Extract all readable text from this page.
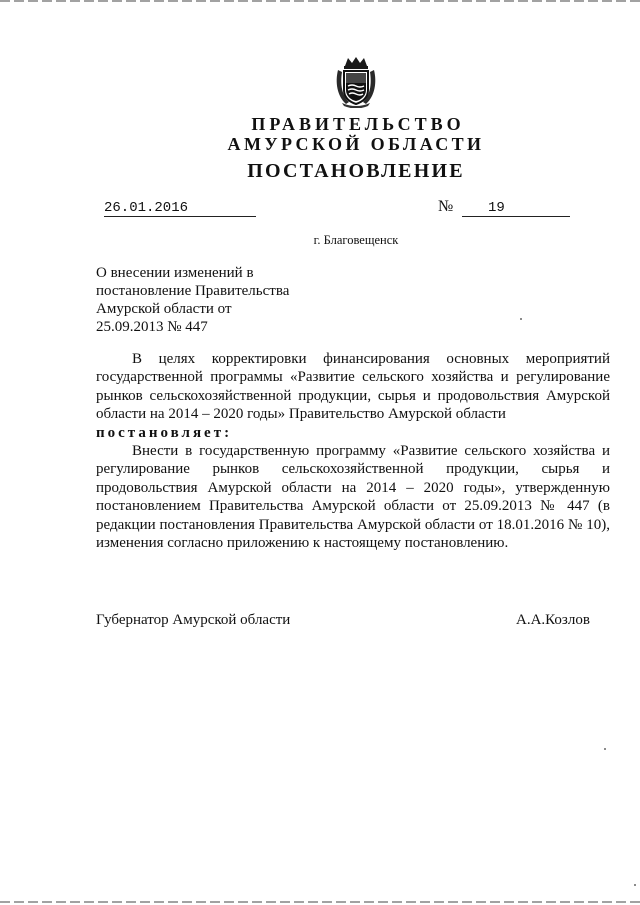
ПРАВИТЕЛЬСТВО
АМУРСКОЙ ОБЛАСТИ
ПОСТАНОВЛЕНИЕ
26.01.2016	№	19
г. Благовещенск
О внесении изменений в
постановление Правительства
Амурской области от
25.09.2013 № 447

В целях корректировки финансирования основных мероприятий государственной программы «Развитие сельского хозяйства и регулирование рынков сельскохозяйственной продукции, сырья и продовольствия Амурской области на 2014 – 2020 годы» Правительство Амурской области

постановляет:

Внести в государственную программу «Развитие сельского хозяйства и регулирование рынков сельскохозяйственной продукции, сырья и продовольствия Амурской области на 2014 – 2020 годы», утвержденную постановлением Правительства Амурской области от 25.09.2013 № 447 (в редакции постановления Правительства Амурской области от 18.01.2016 № 10), изменения согласно приложению к настоящему постановлению.

Губернатор Амурской области	А.А.Козлов
